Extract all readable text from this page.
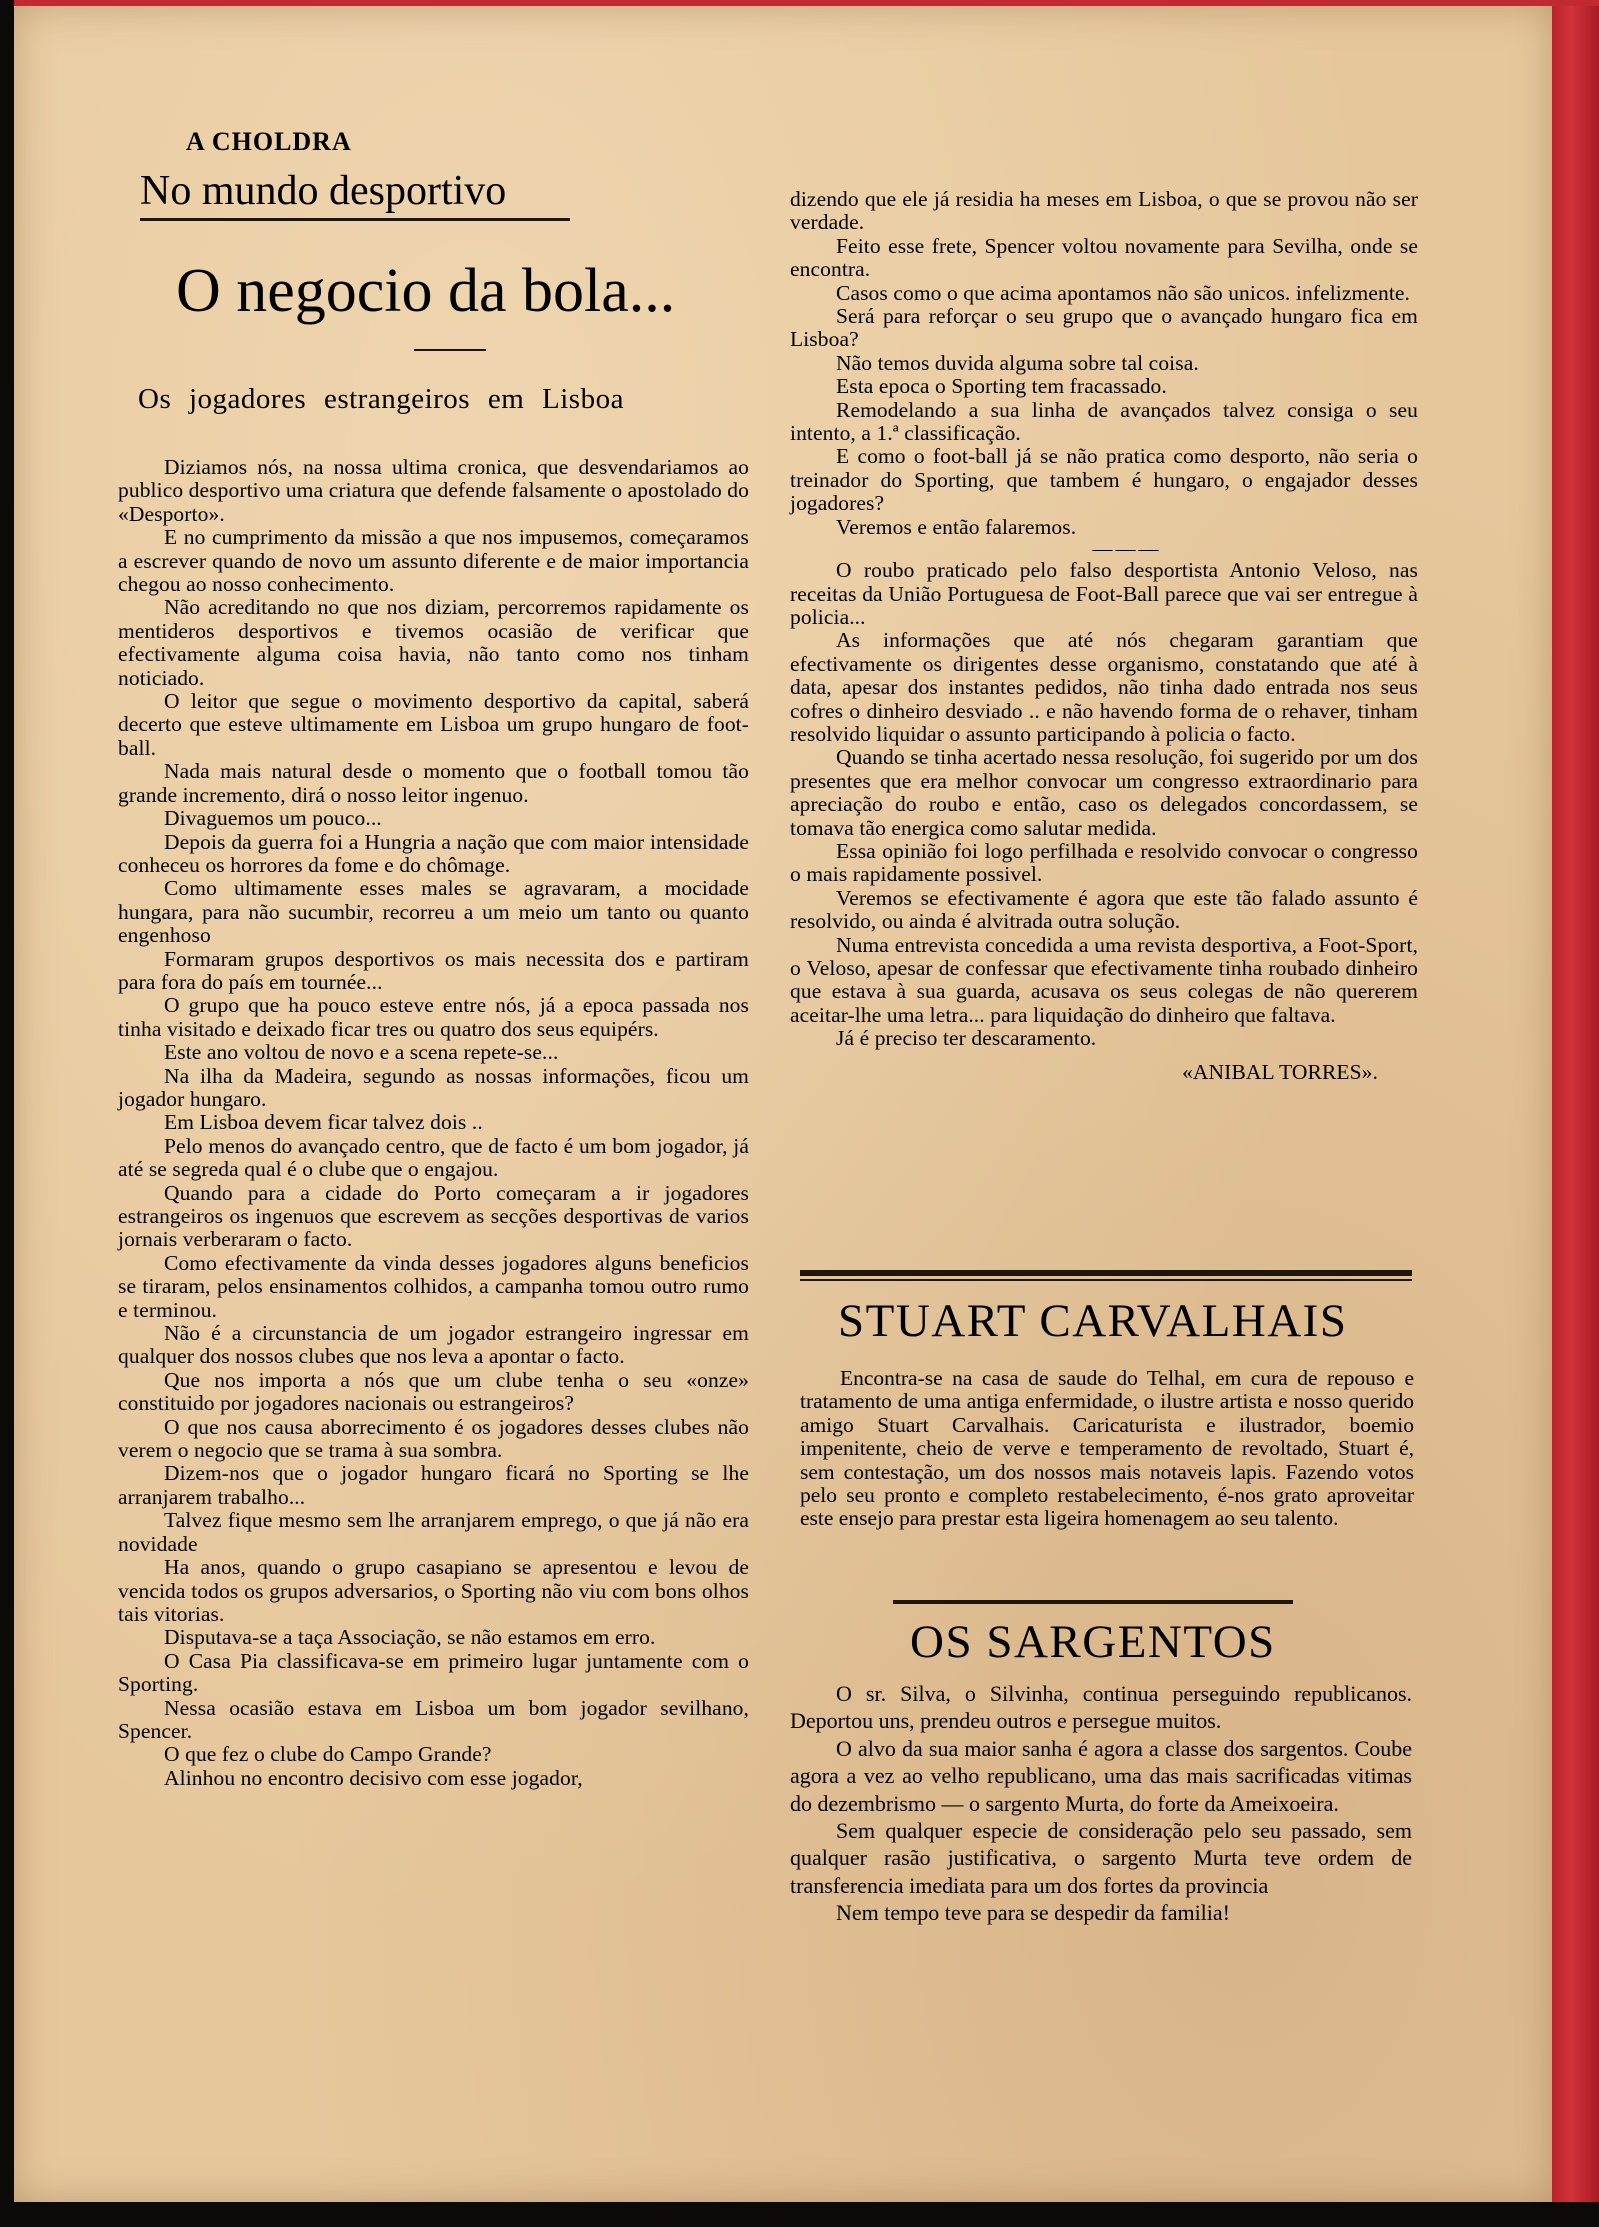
A CHOLDRA
No mundo desportivo
O negocio da bola...
Os jogadores estrangeiros em Lisboa

Diziamos nós, na nossa ultima cronica, que desvendariamos ao publico desportivo uma criatura que defende falsamente o apostolado do «Desporto».

E no cumprimento da missão a que nos impusemos, começaramos a escrever quando de novo um assunto diferente e de maior importancia chegou ao nosso conhecimento.

Não acreditando no que nos diziam, percorremos rapidamente os mentideros desportivos e tivemos ocasião de verificar que efectivamente alguma coisa havia, não tanto como nos tinham noticiado.

O leitor que segue o movimento desportivo da capital, saberá decerto que esteve ultimamente em Lisboa um grupo hungaro de foot-ball.

Nada mais natural desde o momento que o football tomou tão grande incremento, dirá o nosso leitor ingenuo.

Divaguemos um pouco...

Depois da guerra foi a Hungria a nação que com maior intensidade conheceu os horrores da fome e do chômage.

Como ultimamente esses males se agravaram, a mocidade hungara, para não sucumbir, recorreu a um meio um tanto ou quanto engenhoso

Formaram grupos desportivos os mais necessita dos e partiram para fora do país em tournée...

O grupo que ha pouco esteve entre nós, já a epoca passada nos tinha visitado e deixado ficar tres ou quatro dos seus equipérs.

Este ano voltou de novo e a scena repete-se...

Na ilha da Madeira, segundo as nossas informações, ficou um jogador hungaro.

Em Lisboa devem ficar talvez dois ..

Pelo menos do avançado centro, que de facto é um bom jogador, já até se segreda qual é o clube que o engajou.

Quando para a cidade do Porto começaram a ir jogadores estrangeiros os ingenuos que escrevem as secções desportivas de varios jornais verberaram o facto.

Como efectivamente da vinda desses jogadores alguns beneficios se tiraram, pelos ensinamentos colhidos, a campanha tomou outro rumo e terminou.

Não é a circunstancia de um jogador estrangeiro ingressar em qualquer dos nossos clubes que nos leva a apontar o facto.

Que nos importa a nós que um clube tenha o seu «onze» constituido por jogadores nacionais ou estrangeiros?

O que nos causa aborrecimento é os jogadores desses clubes não verem o negocio que se trama à sua sombra.

Dizem-nos que o jogador hungaro ficará no Sporting se lhe arranjarem trabalho...

Talvez fique mesmo sem lhe arranjarem emprego, o que já não era novidade

Ha anos, quando o grupo casapiano se apresentou e levou de vencida todos os grupos adversarios, o Sporting não viu com bons olhos tais vitorias.

Disputava-se a taça Associação, se não estamos em erro.

O Casa Pia classificava-se em primeiro lugar juntamente com o Sporting.

Nessa ocasião estava em Lisboa um bom jogador sevilhano, Spencer.

O que fez o clube do Campo Grande?

Alinhou no encontro decisivo com esse jogador,

dizendo que ele já residia ha meses em Lisboa, o que se provou não ser verdade.

Feito esse frete, Spencer voltou novamente para Sevilha, onde se encontra.

Casos como o que acima apontamos não são unicos. infelizmente.

Será para reforçar o seu grupo que o avançado hungaro fica em Lisboa?

Não temos duvida alguma sobre tal coisa.

Esta epoca o Sporting tem fracassado.

Remodelando a sua linha de avançados talvez consiga o seu intento, a 1.ª classificação.

E como o foot-ball já se não pratica como desporto, não seria o treinador do Sporting, que tambem é hungaro, o engajador desses jogadores?

Veremos e então falaremos.

———

O roubo praticado pelo falso desportista Antonio Veloso, nas receitas da União Portuguesa de Foot-Ball parece que vai ser entregue à policia...

As informações que até nós chegaram garantiam que efectivamente os dirigentes desse organismo, constatando que até à data, apesar dos instantes pedidos, não tinha dado entrada nos seus cofres o dinheiro desviado .. e não havendo forma de o rehaver, tinham resolvido liquidar o assunto participando à policia o facto.

Quando se tinha acertado nessa resolução, foi sugerido por um dos presentes que era melhor convocar um congresso extraordinario para apreciação do roubo e então, caso os delegados concordassem, se tomava tão energica como salutar medida.

Essa opinião foi logo perfilhada e resolvido convocar o congresso o mais rapidamente possivel.

Veremos se efectivamente é agora que este tão falado assunto é resolvido, ou ainda é alvitrada outra solução.

Numa entrevista concedida a uma revista desportiva, a Foot-Sport, o Veloso, apesar de confessar que efectivamente tinha roubado dinheiro que estava à sua guarda, acusava os seus colegas de não quererem aceitar-lhe uma letra... para liquidação do dinheiro que faltava.

Já é preciso ter descaramento.

«ANIBAL TORRES».

STUART CARVALHAIS

Encontra-se na casa de saude do Telhal, em cura de repouso e tratamento de uma antiga enfermidade, o ilustre artista e nosso querido amigo Stuart Carvalhais. Caricaturista e ilustrador, boemio impenitente, cheio de verve e temperamento de revoltado, Stuart é, sem contestação, um dos nossos mais notaveis lapis. Fazendo votos pelo seu pronto e completo restabelecimento, é-nos grato aproveitar este ensejo para prestar esta ligeira homenagem ao seu talento.

OS SARGENTOS

O sr. Silva, o Silvinha, continua perseguindo republicanos. Deportou uns, prendeu outros e persegue muitos.

O alvo da sua maior sanha é agora a classe dos sargentos. Coube agora a vez ao velho republicano, uma das mais sacrificadas vitimas do dezembrismo — o sargento Murta, do forte da Ameixoeira.

Sem qualquer especie de consideração pelo seu passado, sem qualquer rasão justificativa, o sargento Murta teve ordem de transferencia imediata para um dos fortes da provincia

Nem tempo teve para se despedir da familia!
